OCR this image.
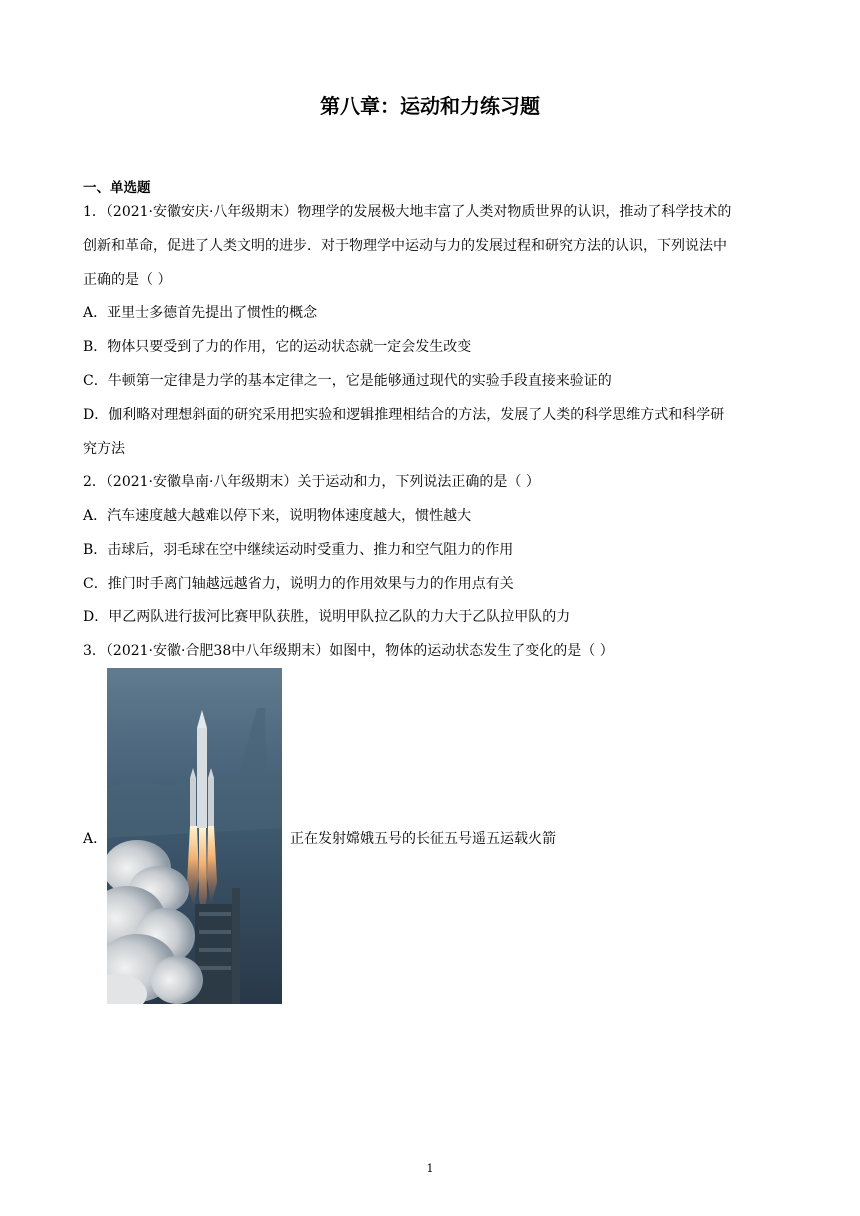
第八章：运动和力练习题
一、单选题
1．（2021·安徽安庆·八年级期末）物理学的发展极大地丰富了人类对物质世界的认识，推动了科学技术的
创新和革命，促进了人类文明的进步．对于物理学中运动与力的发展过程和研究方法的认识，下列说法中
正确的是（ ）
A．亚里士多德首先提出了惯性的概念
B．物体只要受到了力的作用，它的运动状态就一定会发生改变
C．牛顿第一定律是力学的基本定律之一，它是能够通过现代的实验手段直接来验证的
D．伽利略对理想斜面的研究采用把实验和逻辑推理相结合的方法，发展了人类的科学思维方式和科学研
究方法
2．（2021·安徽阜南·八年级期末）关于运动和力，下列说法正确的是（ ）
A．汽车速度越大越难以停下来，说明物体速度越大，惯性越大
B．击球后，羽毛球在空中继续运动时受重力、推力和空气阻力的作用
C．推门时手离门轴越远越省力，说明力的作用效果与力的作用点有关
D．甲乙两队进行拔河比赛甲队获胜，说明甲队拉乙队的力大于乙队拉甲队的力
3．（2021·安徽·合肥38中八年级期末）如图中，物体的运动状态发生了变化的是（ ）
A．	正在发射嫦娥五号的长征五号遥五运载火箭
1
